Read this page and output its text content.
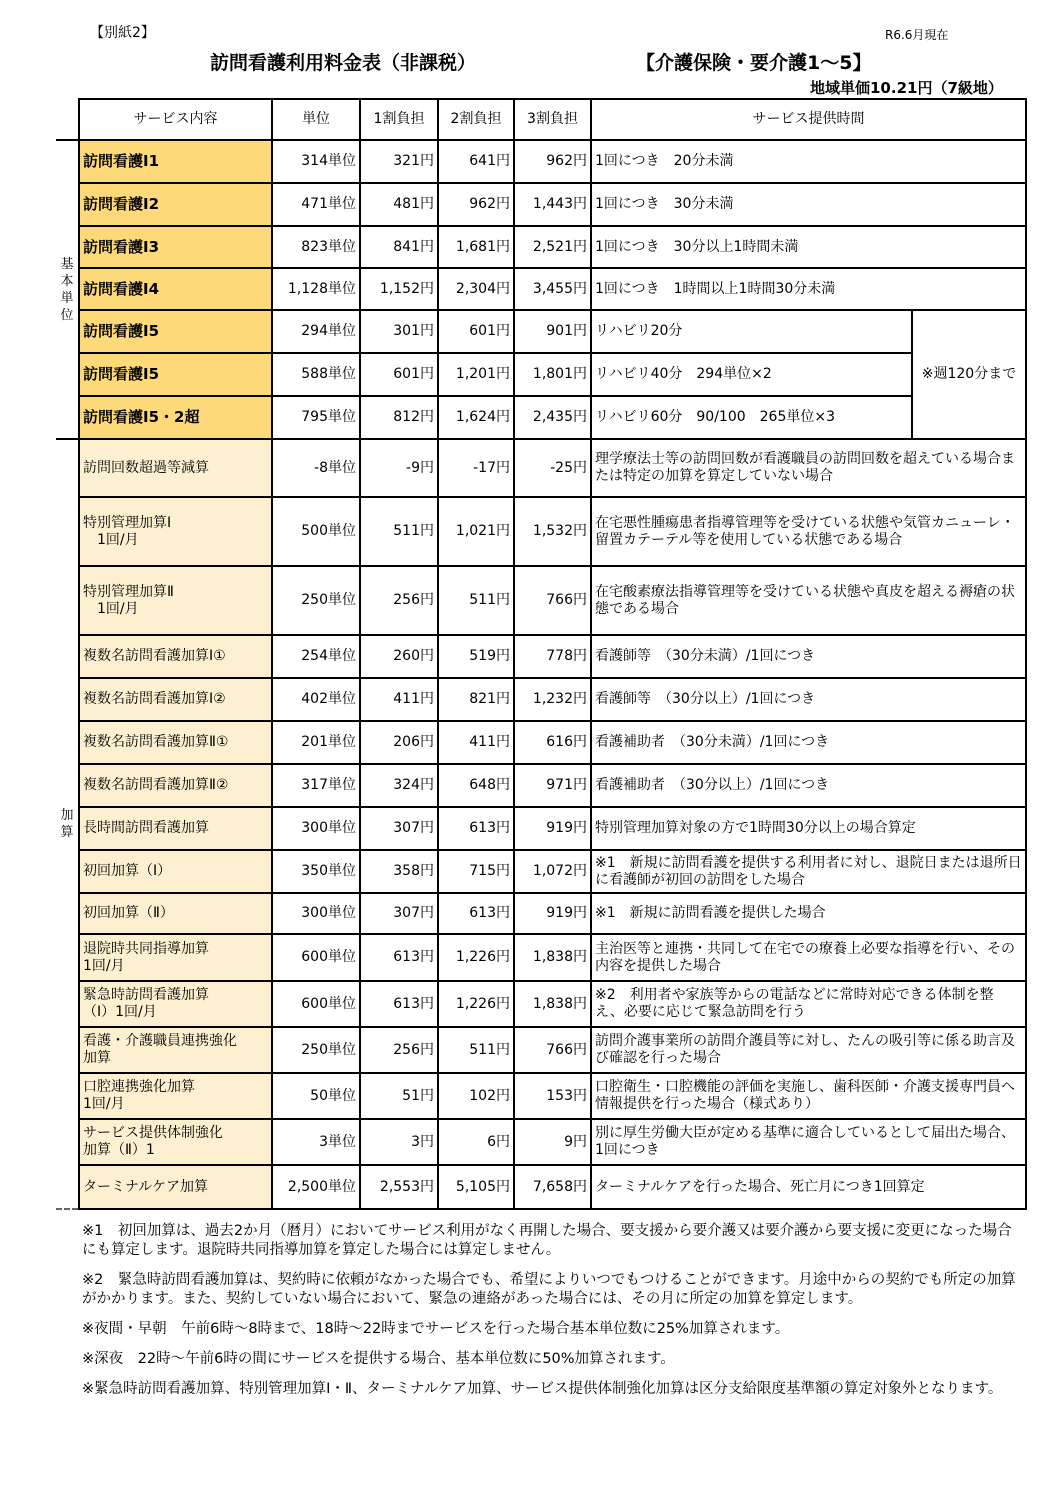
【別紙2】	R6.6月現在
訪問看護利用料金表（非課税）	【介護保険・要介護1～5】
地域単価10.21円（7級地）
	サービス内容	単位	1割負担	2割負担	3割負担	サービス提供時間	
基本単位	訪問看護Ⅰ1	314単位	321円	641円	962円	1回につき　20分未満	
	訪問看護Ⅰ2	471単位	481円	962円	1,443円	1回につき　30分未満	
	訪問看護Ⅰ3	823単位	841円	1,681円	2,521円	1回につき　30分以上1時間未満	
	訪問看護Ⅰ4	1,128単位	1,152円	2,304円	3,455円	1回につき　1時間以上1時間30分未満	
	訪問看護Ⅰ5	294単位	301円	601円	901円	リハビリ20分	※週120分まで
	訪問看護Ⅰ5	588単位	601円	1,201円	1,801円	リハビリ40分　294単位×2	
	訪問看護Ⅰ5・2超	795単位	812円	1,624円	2,435円	リハビリ60分　90/100　265単位×3	
加算	訪問回数超過等減算	-8単位	-9円	-17円	-25円	理学療法士等の訪問回数が看護職員の訪問回数を超えている場合または特定の加算を算定していない場合	
	特別管理加算Ⅰ
　1回/月	500単位	511円	1,021円	1,532円	在宅悪性腫瘍患者指導管理等を受けている状態や気管カニューレ・留置カテーテル等を使用している状態である場合	
	特別管理加算Ⅱ
　1回/月	250単位	256円	511円	766円	在宅酸素療法指導管理等を受けている状態や真皮を超える褥瘡の状態である場合	
	複数名訪問看護加算Ⅰ①	254単位	260円	519円	778円	看護師等　（30分未満）/1回につき	
	複数名訪問看護加算Ⅰ②	402単位	411円	821円	1,232円	看護師等　（30分以上）/1回につき	
	複数名訪問看護加算Ⅱ①	201単位	206円	411円	616円	看護補助者　（30分未満）/1回につき	
	複数名訪問看護加算Ⅱ②	317単位	324円	648円	971円	看護補助者　（30分以上）/1回につき	
	長時間訪問看護加算	300単位	307円	613円	919円	特別管理加算対象の方で1時間30分以上の場合算定	
	初回加算（Ⅰ）	350単位	358円	715円	1,072円	※1　新規に訪問看護を提供する利用者に対し、退院日または退所日に看護師が初回の訪問をした場合	
	初回加算（Ⅱ）	300単位	307円	613円	919円	※1　新規に訪問看護を提供した場合	
	退院時共同指導加算
1回/月	600単位	613円	1,226円	1,838円	主治医等と連携・共同して在宅での療養上必要な指導を行い、その内容を提供した場合	
	緊急時訪問看護加算
（Ⅰ）1回/月	600単位	613円	1,226円	1,838円	※2　利用者や家族等からの電話などに常時対応できる体制を整え、必要に応じて緊急訪問を行う	
	看護・介護職員連携強化
加算	250単位	256円	511円	766円	訪問介護事業所の訪問介護員等に対し、たんの吸引等に係る助言及び確認を行った場合	
	口腔連携強化加算
1回/月	50単位	51円	102円	153円	口腔衛生・口腔機能の評価を実施し、歯科医師・介護支援専門員へ情報提供を行った場合（様式あり）	
	サービス提供体制強化
加算（Ⅱ）1	3単位	3円	6円	9円	別に厚生労働大臣が定める基準に適合しているとして届出た場合、1回につき	
	ターミナルケア加算	2,500単位	2,553円	5,105円	7,658円	ターミナルケアを行った場合、死亡月につき1回算定	

※1　初回加算は、過去2か月（暦月）においてサービス利用がなく再開した場合、要支援から要介護又は要介護から要支援に変更になった場合にも算定します。退院時共同指導加算を算定した場合には算定しません。

※2　緊急時訪問看護加算は、契約時に依頼がなかった場合でも、希望によりいつでもつけることができます。月途中からの契約でも所定の加算がかかります。また、契約していない場合において、緊急の連絡があった場合には、その月に所定の加算を算定します。

※夜間・早朝　午前6時～8時まで、18時～22時までサービスを行った場合基本単位数に25%加算されます。

※深夜　22時～午前6時の間にサービスを提供する場合、基本単位数に50%加算されます。

※緊急時訪問看護加算、特別管理加算Ⅰ・Ⅱ、ターミナルケア加算、サービス提供体制強化加算は区分支給限度基準額の算定対象外となります。
